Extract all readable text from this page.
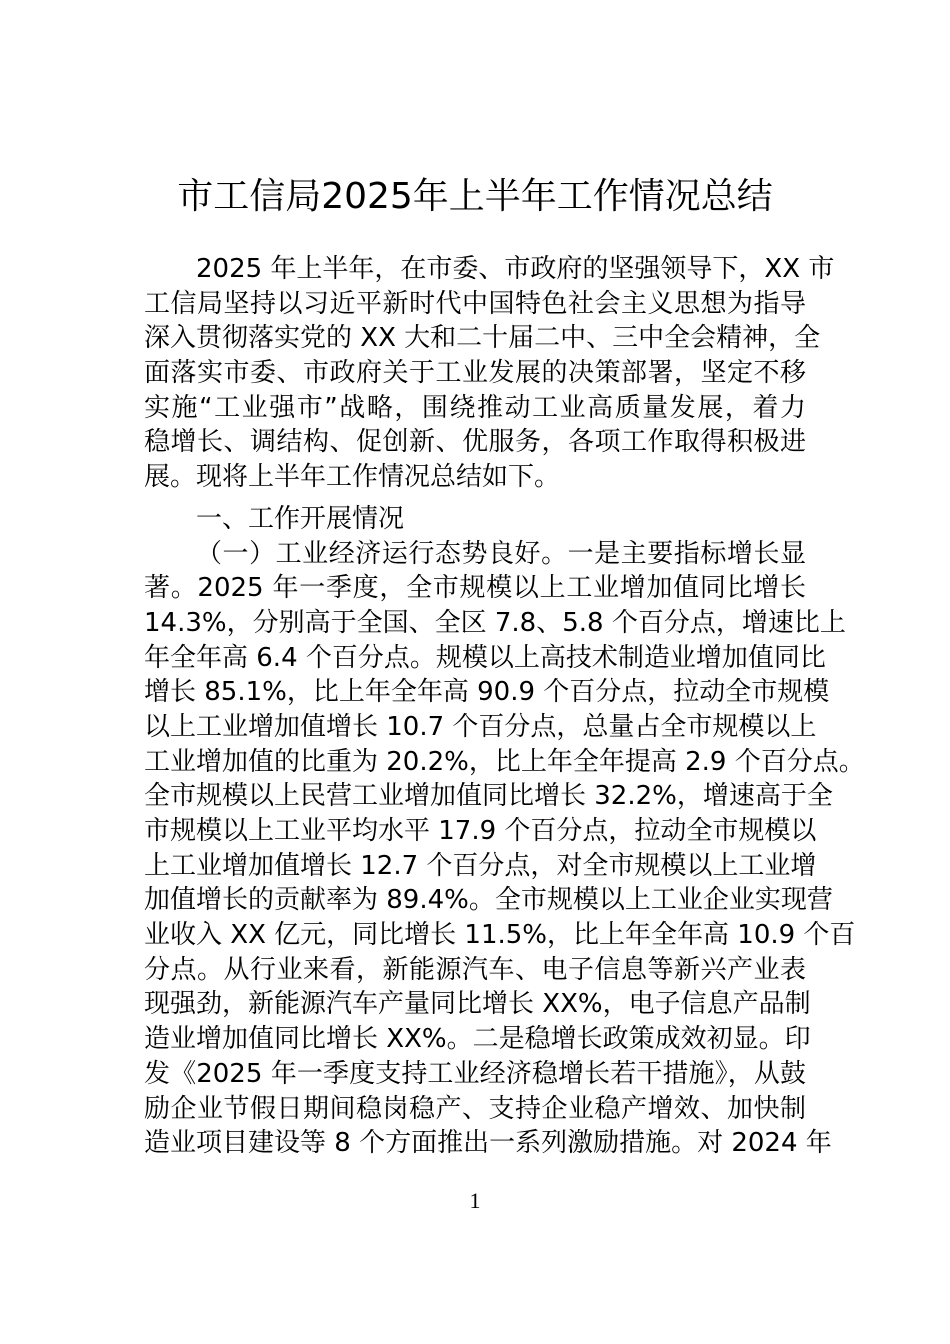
市工信局2025年上半年工作情况总结
2025 年上半年，在市委、市政府的坚强领导下，XX 市
工信局坚持以习近平新时代中国特色社会主义思想为指导
深入贯彻落实党的 XX 大和二十届二中、三中全会精神，全
面落实市委、市政府关于工业发展的决策部署，坚定不移
实施“工业强市”战略，围绕推动工业高质量发展，着力
稳增长、调结构、促创新、优服务，各项工作取得积极进
展。现将上半年工作情况总结如下。
一、工作开展情况
（一）工业经济运行态势良好。一是主要指标增长显
著。2025 年一季度，全市规模以上工业增加值同比增长
14.3%，分别高于全国、全区 7.8、5.8 个百分点，增速比上
年全年高 6.4 个百分点。规模以上高技术制造业增加值同比
增长 85.1%，比上年全年高 90.9 个百分点，拉动全市规模
以上工业增加值增长 10.7 个百分点，总量占全市规模以上
工业增加值的比重为 20.2%，比上年全年提高 2.9 个百分点。
全市规模以上民营工业增加值同比增长 32.2%，增速高于全
市规模以上工业平均水平 17.9 个百分点，拉动全市规模以
上工业增加值增长 12.7 个百分点，对全市规模以上工业增
加值增长的贡献率为 89.4%。全市规模以上工业企业实现营
业收入 XX 亿元，同比增长 11.5%，比上年全年高 10.9 个百
分点。从行业来看，新能源汽车、电子信息等新兴产业表
现强劲，新能源汽车产量同比增长 XX%，电子信息产品制
造业增加值同比增长 XX%。二是稳增长政策成效初显。印
发《2025 年一季度支持工业经济稳增长若干措施》，从鼓
励企业节假日期间稳岗稳产、支持企业稳产增效、加快制
造业项目建设等 8 个方面推出一系列激励措施。对 2024 年
1
